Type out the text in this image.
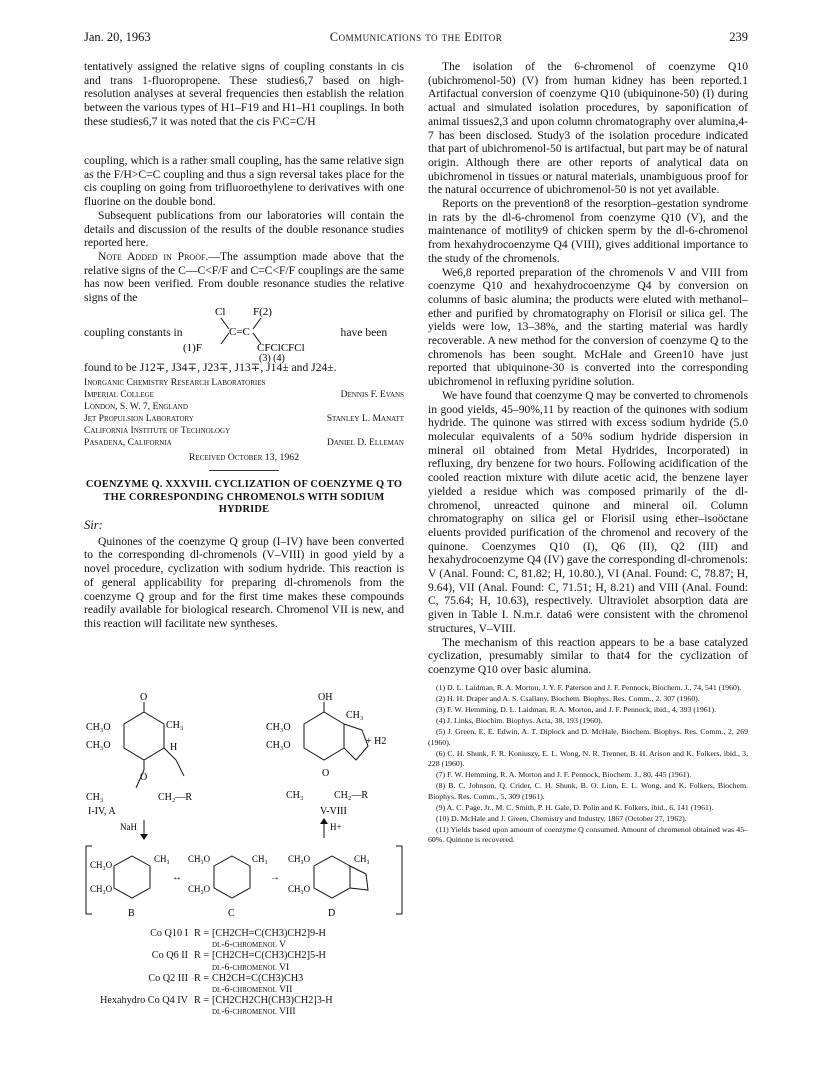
Jan. 20, 1963	Communications to the Editor	239

tentatively assigned the relative signs of coupling constants in cis and trans 1-fluoropropene. These studies6,7 based on high-resolution analyses at several frequencies then establish the relation between the various types of H1–F19 and H1–H1 couplings. In both these studies6,7 it was noted that the cis F\C=C/H

coupling, which is a rather small coupling, has the same relative sign as the F/H>C=C coupling and thus a sign reversal takes place for the cis coupling on going from trifluoroethylene to derivatives with one fluorine on the double bond.

Subsequent publications from our laboratories will contain the details and discussion of the results of the double resonance studies reported here.

Note Added in Proof.—The assumption made above that the relative signs of the C—C<F/F and C=C<F/F couplings are the same has now been verified. From double resonance studies the relative signs of the

coupling constants in
Cl	F(2)
C=C
(1)F	CFClCFCl
(3) (4)
have been

found to be J12∓, J34∓, J23∓, J13∓, J14± and J24±.

Inorganic Chemistry Research Laboratories
Imperial College	Dennis F. Evans
London, S. W. 7, England
Jet Propulsion Laboratory	Stanley L. Manatt
California Institute of Technology
Pasadena, California	Daniel D. Elleman
Received October 13, 1962
COENZYME Q. XXXVIII. CYCLIZATION OF COENZYME Q TO THE CORRESPONDING CHROMENOLS WITH SODIUM HYDRIDE
Sir:

Quinones of the coenzyme Q group (I–IV) have been converted to the corresponding dl-chromenols (V–VIII) in good yield by a novel procedure, cyclization with sodium hydride. This reaction is of general applicability for preparing dl-chromenols from the coenzyme Q group and for the first time makes these compounds readily available for biological research. Chromenol VII is new, and this reaction will facilitate new syntheses.

O
CH₃O	CH₃
CH₃O	H
O
CH₃	CH₂—R
I-IV, A
OH
CH₃O
CH₃
CH₃O	+ H2
O
CH₃	CH₂—R
V-VIII
NaH	H+
CH₃O
CH₃
CH₃O
CH₃O	CH₃
CH₃O
CH₃O	CH₃
CH₃O
↔	→
B	C	D
Co Q10 I R = [CH2CH=C(CH3)CH2]9-H
dl-6-chromenol V
Co Q6 II R = [CH2CH=C(CH3)CH2]5-H
dl-6-chromenol VI
Co Q2 III R = CH2CH=C(CH3)CH3
dl-6-chromenol VII
Hexahydro Co Q4 IV R = [CH2CH2CH(CH3)CH2]3-H
dl-6-chromenol VIII

The isolation of the 6-chromenol of coenzyme Q10 (ubichromenol-50) (V) from human kidney has been reported.1 Artifactual conversion of coenzyme Q10 (ubiquinone-50) (I) during actual and simulated isolation procedures, by saponification of animal tissues2,3 and upon column chromatography over alumina,4-7 has been disclosed. Study3 of the isolation procedure indicated that part of ubichromenol-50 is artifactual, but part may be of natural origin. Although there are other reports of analytical data on ubichromenol in tissues or natural materials, unambiguous proof for the natural occurrence of ubichromenol-50 is not yet available.

Reports on the prevention8 of the resorption–gestation syndrome in rats by the dl-6-chromenol from coenzyme Q10 (V), and the maintenance of motility9 of chicken sperm by the dl-6-chromenol from hexahydrocoenzyme Q4 (VIII), gives additional importance to the study of the chromenols.

We6,8 reported preparation of the chromenols V and VIII from coenzyme Q10 and hexahydrocoenzyme Q4 by conversion on columns of basic alumina; the products were eluted with methanol–ether and purified by chromatography on Florisil or silica gel. The yields were low, 13–38%, and the starting material was hardly recoverable. A new method for the conversion of coenzyme Q to the chromenols has been sought. McHale and Green10 have just reported that ubiquinone-30 is converted into the corresponding ubichromenol in refluxing pyridine solution.

We have found that coenzyme Q may be converted to chromenols in good yields, 45–90%,11 by reaction of the quinones with sodium hydride. The quinone was stirred with excess sodium hydride (5.0 molecular equivalents of a 50% sodium hydride dispersion in mineral oil obtained from Metal Hydrides, Incorporated) in refluxing, dry benzene for two hours. Following acidification of the cooled reaction mixture with dilute acetic acid, the benzene layer yielded a residue which was composed primarily of the dl-chromenol, unreacted quinone and mineral oil. Column chromatography on silica gel or Florisil using ether–isoöctane eluents provided purification of the chromenol and recovery of the quinone. Coenzymes Q10 (I), Q6 (II), Q2 (III) and hexahydrocoenzyme Q4 (IV) gave the corresponding dl-chromenols: V (Anal. Found: C, 81.82; H, 10.80.), VI (Anal. Found: C, 78.87; H, 9.64), VII (Anal. Found: C, 71.51; H, 8.21) and VIII (Anal. Found: C, 75.64; H, 10.63), respectively. Ultraviolet absorption data are given in Table I. N.m.r. data6 were consistent with the chromenol structures, V–VIII.

The mechanism of this reaction appears to be a base catalyzed cyclization, presumably similar to that4 for the cyclization of coenzyme Q10 over basic alumina.

(1) D. L. Laidman, R. A. Morton, J. Y. F. Paterson and J. F. Pennock, Biochem. J., 74, 541 (1960).

(2) H. H. Draper and A. S. Csallany, Biochem. Biophys. Res. Comm., 2, 307 (1960).

(3) F. W. Hemming, D. L. Laidman, R. A. Morton, and J. F. Pennock, ibid., 4, 393 (1961).

(4) J. Links, Biochim. Biophys. Acta, 38, 193 (1960).

(5) J. Green, E. E. Edwin, A. T. Diplock and D. McHale, Biochem. Biophys. Res. Comm., 2, 269 (1960).

(6) C. H. Shunk, F. R. Koniuszy, E. L. Wong, N. R. Trenner, B. H. Arison and K. Folkers, ibid., 3, 228 (1960).

(7) F. W. Hemming, R. A. Morton and J. F. Pennock, Biochem. J., 80, 445 (1961).

(8) B. C. Johnson, Q. Crider, C. H. Shunk, B. O. Linn, E. L. Wong, and K. Folkers, Biochem. Biophys. Res. Comm., 5, 309 (1961).

(9) A. C. Page, Jr., M. C. Smith, P. H. Gale, D. Polin and K. Folkers, ibid., 6, 141 (1961).

(10) D. McHale and J. Green, Chemistry and Industry, 1867 (October 27, 1962).

(11) Yields based upon amount of coenzyme Q consumed. Amount of chromenol obtained was 45–60%. Quinone is recovered.
